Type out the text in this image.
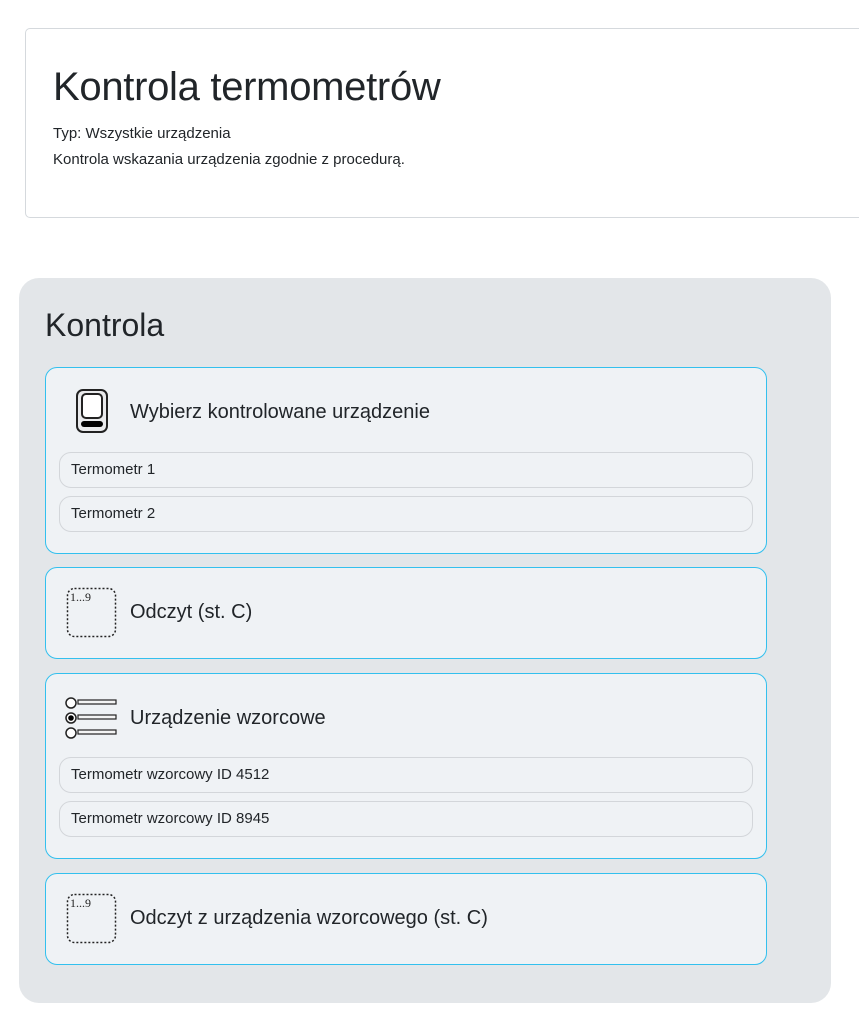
Kontrola termometrów
Typ: Wszystkie urządzenia
Kontrola wskazania urządzenia zgodnie z procedurą.
Kontrola
Wybierz kontrolowane urządzenie
Termometr 1
Termometr 2
1...9
Odczyt (st. C)
Urządzenie wzorcowe
Termometr wzorcowy ID 4512
Termometr wzorcowy ID 8945
1...9
Odczyt z urządzenia wzorcowego (st. C)
